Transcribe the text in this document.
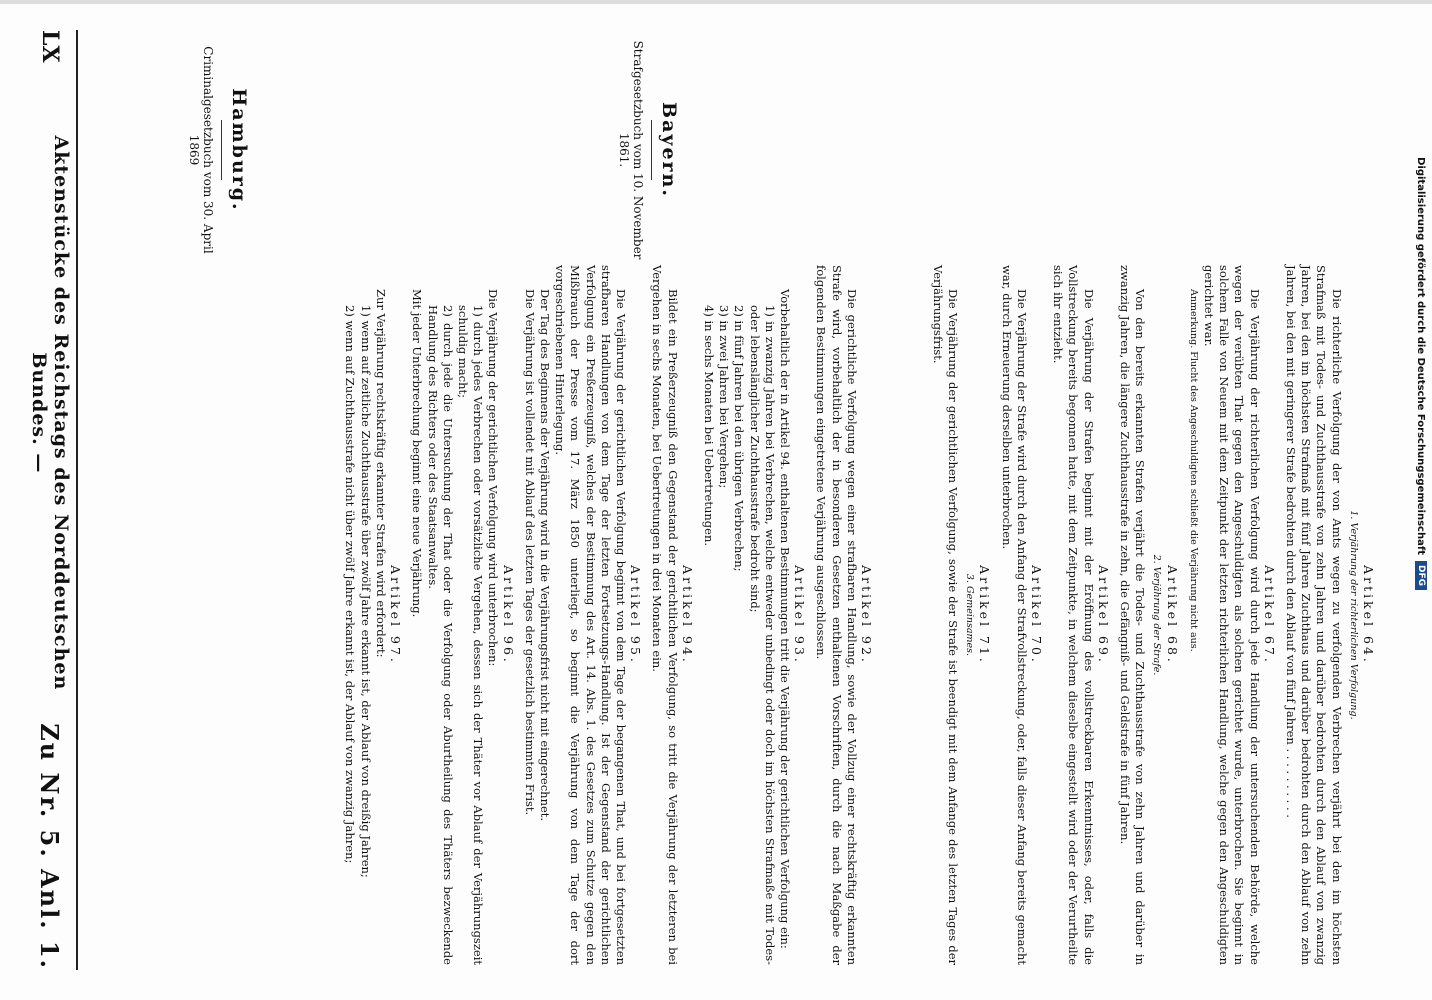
LX
Aktenstücke des Reichstags des Norddeutschen Bundes. —
Zu Nr. 5. Anl. 1.
Hamburg.
Criminalgesetzbuch vom 30. April 1869
Artikel 64.
1. Verjährung der richterlichen Verfolgung.

Die richterliche Verfolgung der von Amts wegen zu verfolgenden Verbrechen verjährt bei den im höchsten Strafmaß mit Todes- und Zuchthausstrafe von zehn Jahren und darüber bedrohten durch den Ablauf von zwanzig Jahren, bei den im höchsten Strafmaß mit fünf Jahren Zuchthaus und darüber bedrohten durch den Ablauf von zehn Jahren, bei den mit geringerer Strafe bedrohten durch den Ablauf von fünf Jahren . . . . . . . . . .

Artikel 67.

Die Verjährung der richterlichen Verfolgung wird durch jede Handlung der untersuchenden Behörde, welche wegen der verübten That gegen den Angeschuldigten als solchen gerichtet wurde, unterbrochen. Sie beginnt in solchem Falle von Neuem mit dem Zeitpunkt der letzten richterlichen Handlung, welche gegen den Angeschuldigten gerichtet war.

Anmerkung. Flucht des Angeschuldigten schließt die Verjährung nicht aus.

Artikel 68.
2. Verjährung der Strafe.

Von den bereits erkannten Strafen verjährt die Todes- und Zuchthausstrafe von zehn Jahren und darüber in zwanzig Jahren, die längere Zuchthausstrafe in zehn, die Gefängniß- und Geldstrafe in fünf Jahren.

Artikel 69.

Die Verjährung der Strafen beginnt mit der Eröffnung des vollstreckbaren Erkenntnisses, oder, falls die Vollstreckung bereits begonnen hatte, mit dem Zeitpunkte, in welchem dieselbe eingestellt wird oder der Verurtheilte sich ihr entzieht.

Artikel 70.

Die Verjährung der Strafe wird durch den Anfang der Strafvollstreckung, oder, falls dieser Anfang bereits gemacht war, durch Erneuerung derselben unterbrochen.

Artikel 71.
3. Gemeinsames.

Die Verjährung der gerichtlichen Verfolgung, sowie der Strafe ist beendigt mit dem Anfange des letzten Tages der Verjährungsfrist.

Bayern.
Strafgesetzbuch vom 10. November 1861.
Artikel 92.

Die gerichtliche Verfolgung wegen einer strafbaren Handlung, sowie der Vollzug einer rechtskräftig erkannten Strafe wird, vorbehaltlich der in besonderen Gesetzen enthaltenen Vorschriften, durch die nach Maßgabe der folgenden Bestimmungen eingetretene Verjährung ausgeschlossen.

Artikel 93.

Vorbehaltlich der in Artikel 94. enthaltenen Bestimmungen tritt die Verjährung der gerichtlichen Verfolgung ein:

1) in zwanzig Jahren bei Verbrechen, welche entweder unbedingt oder doch im höchsten Strafmaße mit Todes- oder lebenslänglicher Zuchthausstrafe bedroht sind;
2) in fünf Jahren bei den übrigen Verbrechen;
3) in zwei Jahren bei Vergehen;
4) in sechs Monaten bei Uebertretungen.
Artikel 94.

Bildet ein Preßerzeugniß den Gegenstand der gerichtlichen Verfolgung, so tritt die Verjährung der letzteren bei Vergehen in sechs Monaten, bei Uebertretungen in drei Monaten ein.

Artikel 95.

Die Verjährung der gerichtlichen Verfolgung beginnt von dem Tage der begangenen That, und bei fortgesetzten strafbaren Handlungen von dem Tage der letzten Fortsetzungs-Handlung. Ist der Gegenstand der gerichtlichen Verfolgung ein Preßerzeugniß, welches der Bestimmung des Art. 14. Abs. 1. des Gesetzes zum Schutze gegen den Mißbrauch der Presse vom 17. März 1850 unterliegt, so beginnt die Verjährung von dem Tage der dort vorgeschriebenen Hinterlegung.

Der Tag des Beginnens der Verjährung wird in die Verjährungsfrist nicht mit eingerechnet.

Die Verjährung ist vollendet mit Ablauf des letzten Tages der gesetzlich bestimmten Frist.

Artikel 96.

Die Verjährung der gerichtlichen Verfolgung wird unterbrochen:

1) durch jedes Verbrechen oder vorsätzliche Vergehen, dessen sich der Thäter vor Ablauf der Verjährungszeit schuldig macht;
2) durch jede die Untersuchung der That oder die Verfolgung oder Aburtheilung des Thäters bezweckende Handlung des Richters oder des Staatsanwaltes.

Mit jeder Unterbrechung beginnt eine neue Verjährung.

Artikel 97.

Zur Verjährung rechtskräftig erkannter Strafen wird erfordert:

1) wenn auf zeitliche Zuchthausstrafe über zwölf Jahre erkannt ist, der Ablauf von dreißig Jahren;
2) wenn auf Zuchthausstrafe nicht über zwölf Jahre erkannt ist, der Ablauf von zwanzig Jahren;	Digitalisierung gefördert durch die Deutsche Forschungsgemeinschaft
DFG
